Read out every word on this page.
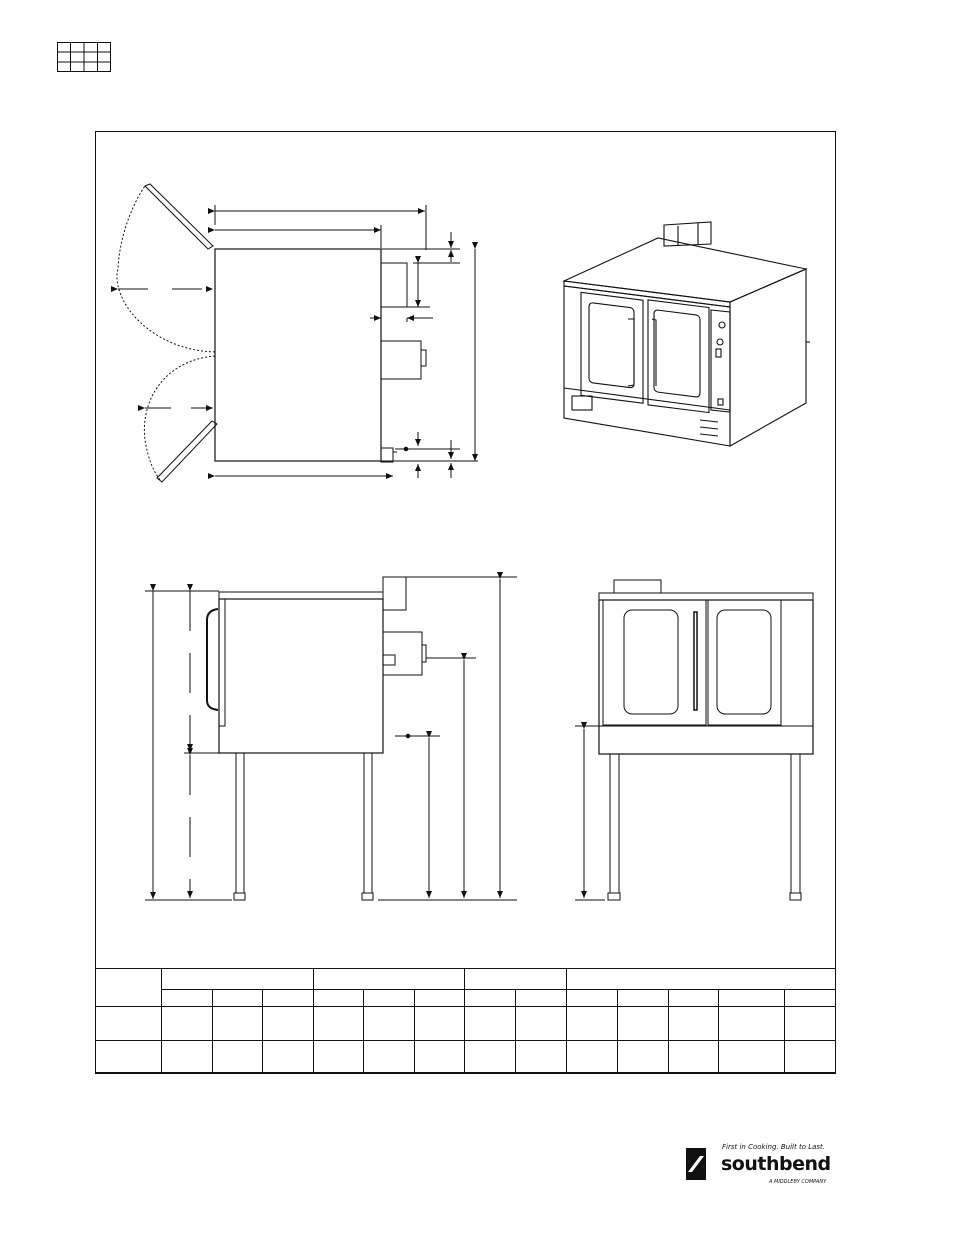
First in Cooking. Built to Last.
southbend
A MIDDLEBY COMPANY
